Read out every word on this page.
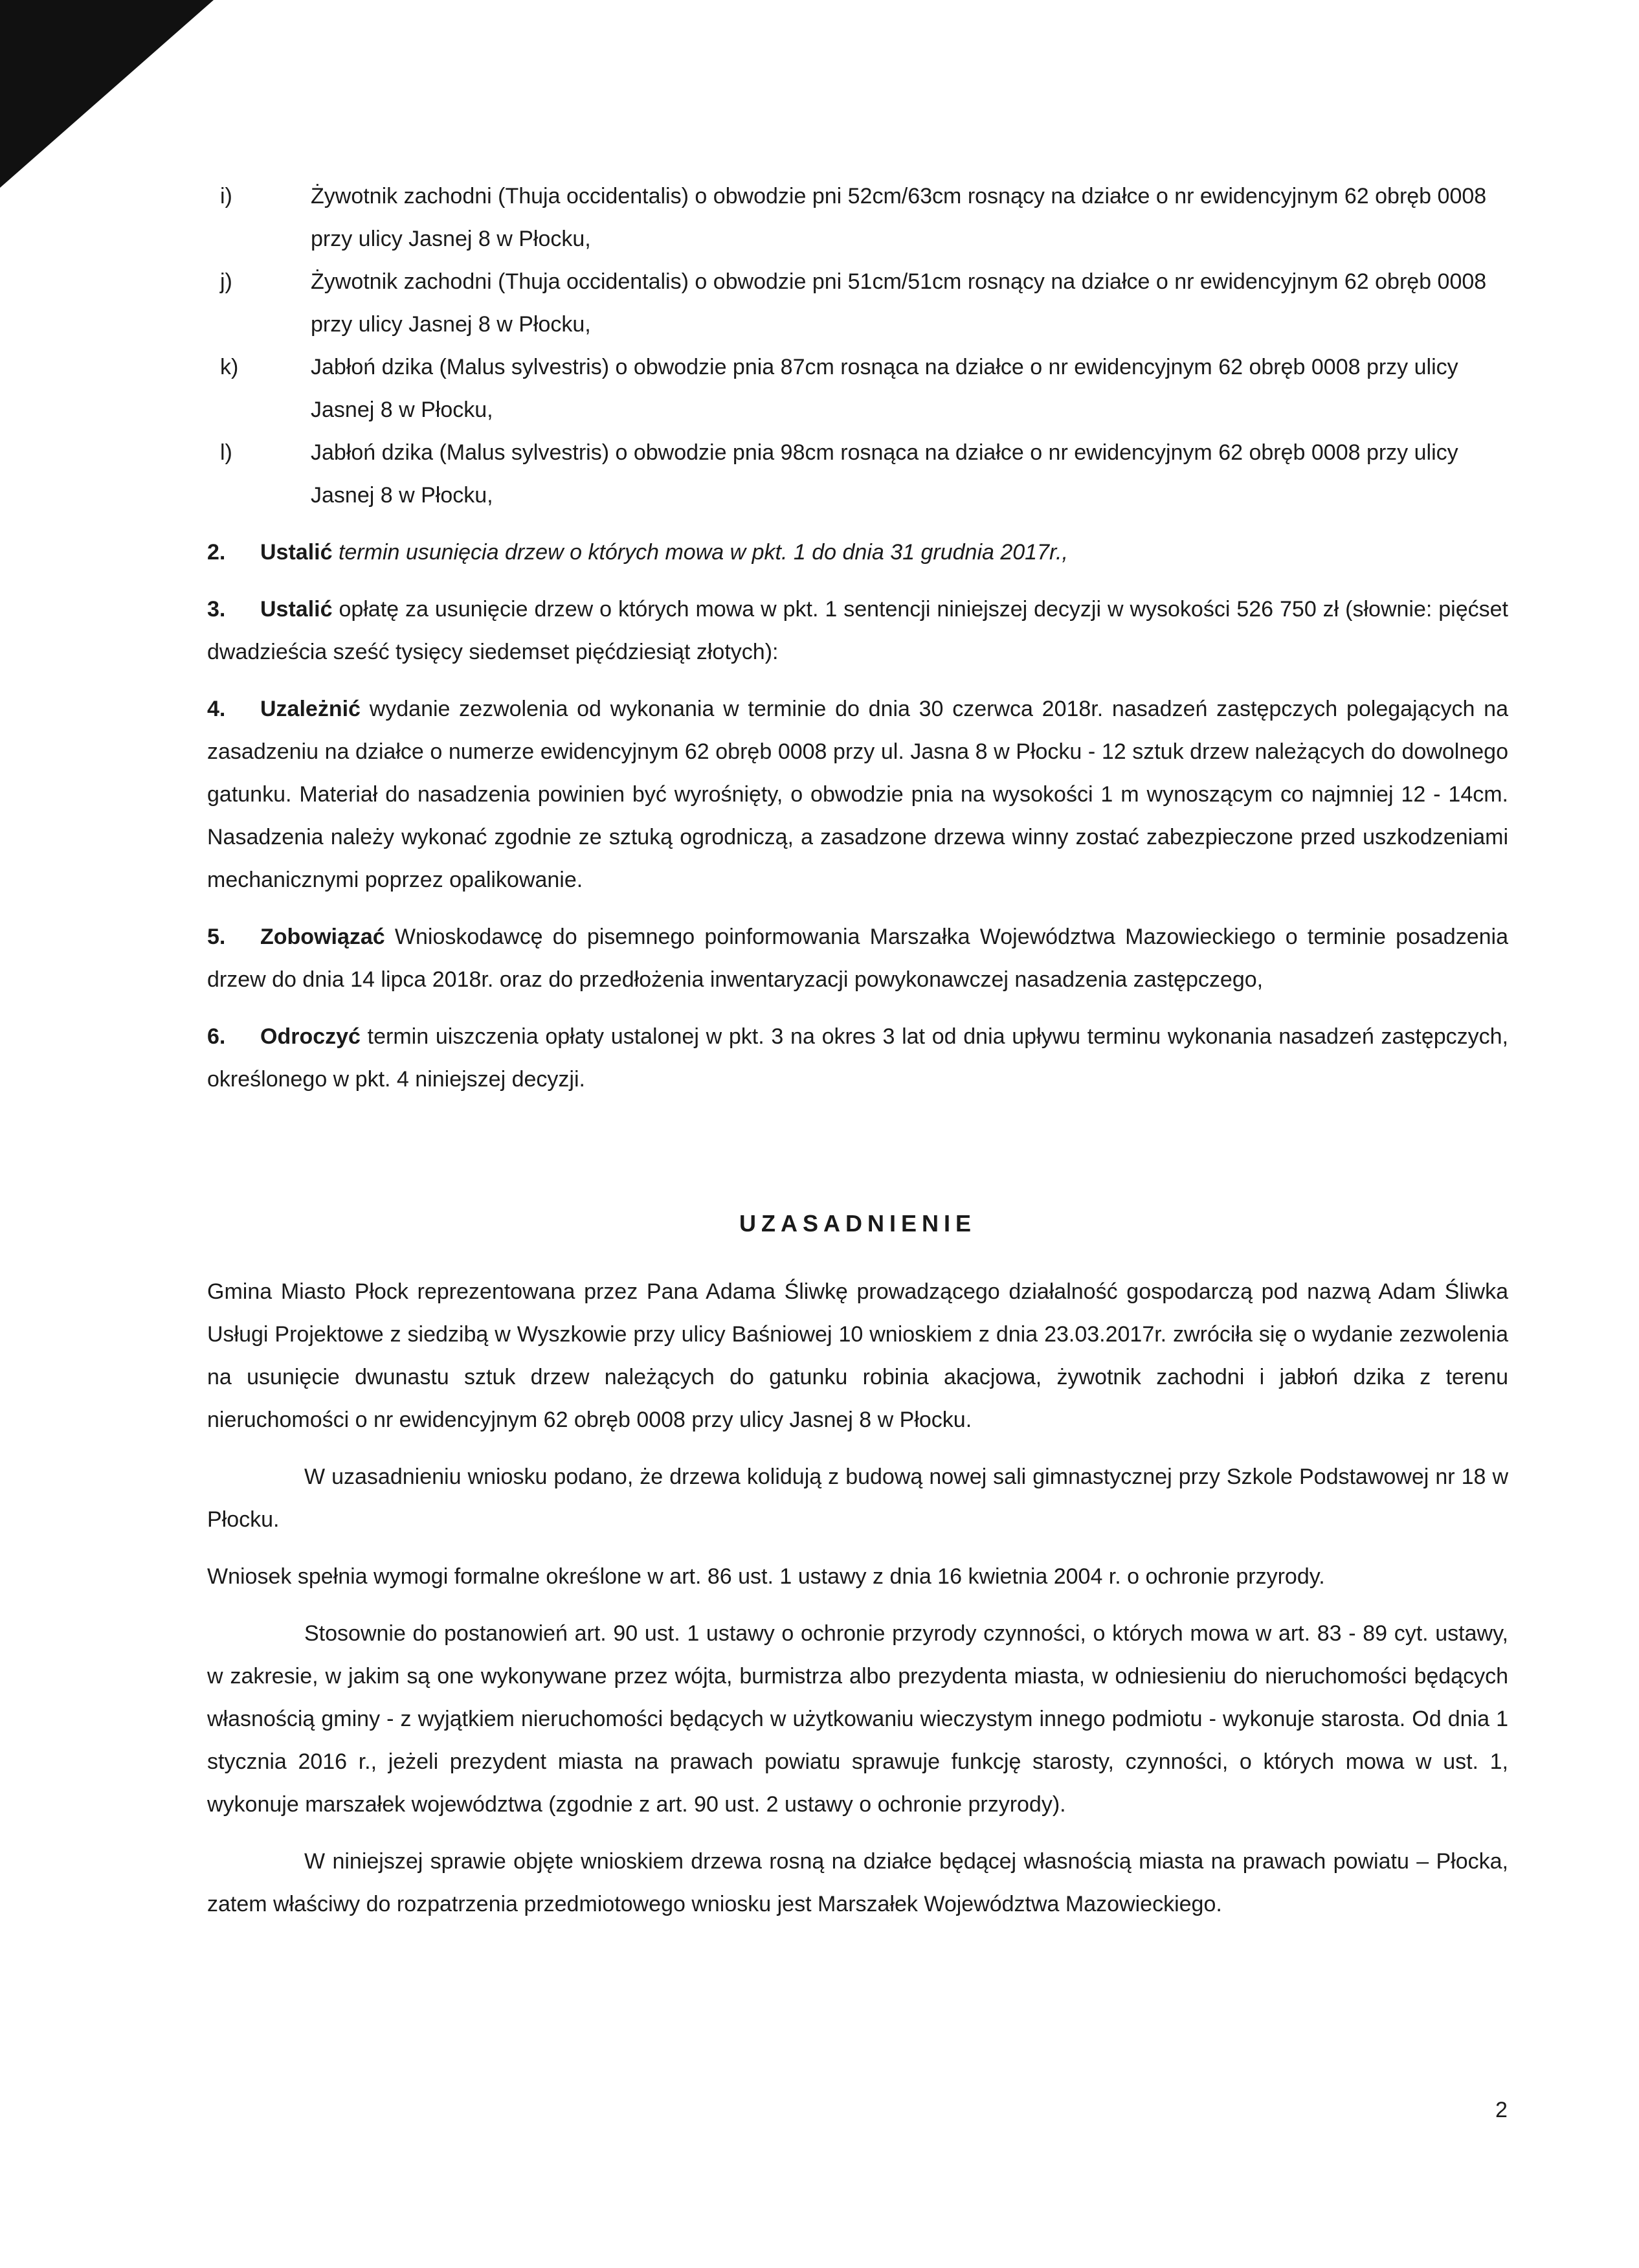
i)	Żywotnik zachodni (Thuja occidentalis) o obwodzie pni 52cm/63cm rosnący na działce o nr ewidencyjnym 62 obręb 0008 przy ulicy Jasnej 8 w Płocku,
j)	Żywotnik zachodni (Thuja occidentalis) o obwodzie pni 51cm/51cm rosnący na działce o nr ewidencyjnym 62 obręb 0008 przy ulicy Jasnej 8 w Płocku,
k)	Jabłoń dzika (Malus sylvestris) o obwodzie pnia 87cm rosnąca na działce o nr ewidencyjnym 62 obręb 0008 przy ulicy Jasnej 8 w Płocku,
l)	Jabłoń dzika (Malus sylvestris) o obwodzie pnia 98cm rosnąca na działce o nr ewidencyjnym 62 obręb 0008 przy ulicy Jasnej 8 w Płocku,

2. Ustalić termin usunięcia drzew o których mowa w pkt. 1 do dnia 31 grudnia 2017r.,

3. Ustalić opłatę za usunięcie drzew o których mowa w pkt. 1 sentencji niniejszej decyzji w wysokości 526 750 zł (słownie: pięćset dwadzieścia sześć tysięcy siedemset pięćdziesiąt złotych):

4. Uzależnić wydanie zezwolenia od wykonania w terminie do dnia 30 czerwca 2018r. nasadzeń zastępczych polegających na zasadzeniu na działce o numerze ewidencyjnym 62 obręb 0008 przy ul. Jasna 8 w Płocku - 12 sztuk drzew należących do dowolnego gatunku. Materiał do nasadzenia powinien być wyrośnięty, o obwodzie pnia na wysokości 1 m wynoszącym co najmniej 12 - 14cm. Nasadzenia należy wykonać zgodnie ze sztuką ogrodniczą, a zasadzone drzewa winny zostać zabezpieczone przed uszkodzeniami mechanicznymi poprzez opalikowanie.

5. Zobowiązać Wnioskodawcę do pisemnego poinformowania Marszałka Województwa Mazowieckiego o terminie posadzenia drzew do dnia 14 lipca 2018r. oraz do przedłożenia inwentaryzacji powykonawczej nasadzenia zastępczego,

6. Odroczyć termin uiszczenia opłaty ustalonej w pkt. 3 na okres 3 lat od dnia upływu terminu wykonania nasadzeń zastępczych, określonego w pkt. 4 niniejszej decyzji.

UZASADNIENIE

Gmina Miasto Płock reprezentowana przez Pana Adama Śliwkę prowadzącego działalność gospodarczą pod nazwą Adam Śliwka Usługi Projektowe z siedzibą w Wyszkowie przy ulicy Baśniowej 10 wnioskiem z dnia 23.03.2017r. zwróciła się o wydanie zezwolenia na usunięcie dwunastu sztuk drzew należących do gatunku robinia akacjowa, żywotnik zachodni i jabłoń dzika z terenu nieruchomości o nr ewidencyjnym 62 obręb 0008 przy ulicy Jasnej 8 w Płocku.

W uzasadnieniu wniosku podano, że drzewa kolidują z budową nowej sali gimnastycznej przy Szkole Podstawowej nr 18 w Płocku.

Wniosek spełnia wymogi formalne określone w art. 86 ust. 1 ustawy z dnia 16 kwietnia 2004 r. o ochronie przyrody.

Stosownie do postanowień art. 90 ust. 1 ustawy o ochronie przyrody czynności, o których mowa w art. 83 - 89 cyt. ustawy, w zakresie, w jakim są one wykonywane przez wójta, burmistrza albo prezydenta miasta, w odniesieniu do nieruchomości będących własnością gminy - z wyjątkiem nieruchomości będących w użytkowaniu wieczystym innego podmiotu - wykonuje starosta. Od dnia 1 stycznia 2016 r., jeżeli prezydent miasta na prawach powiatu sprawuje funkcję starosty, czynności, o których mowa w ust. 1, wykonuje marszałek województwa (zgodnie z art. 90 ust. 2 ustawy o ochronie przyrody).

W niniejszej sprawie objęte wnioskiem drzewa rosną na działce będącej własnością miasta na prawach powiatu – Płocka, zatem właściwy do rozpatrzenia przedmiotowego wniosku jest Marszałek Województwa Mazowieckiego.

2
